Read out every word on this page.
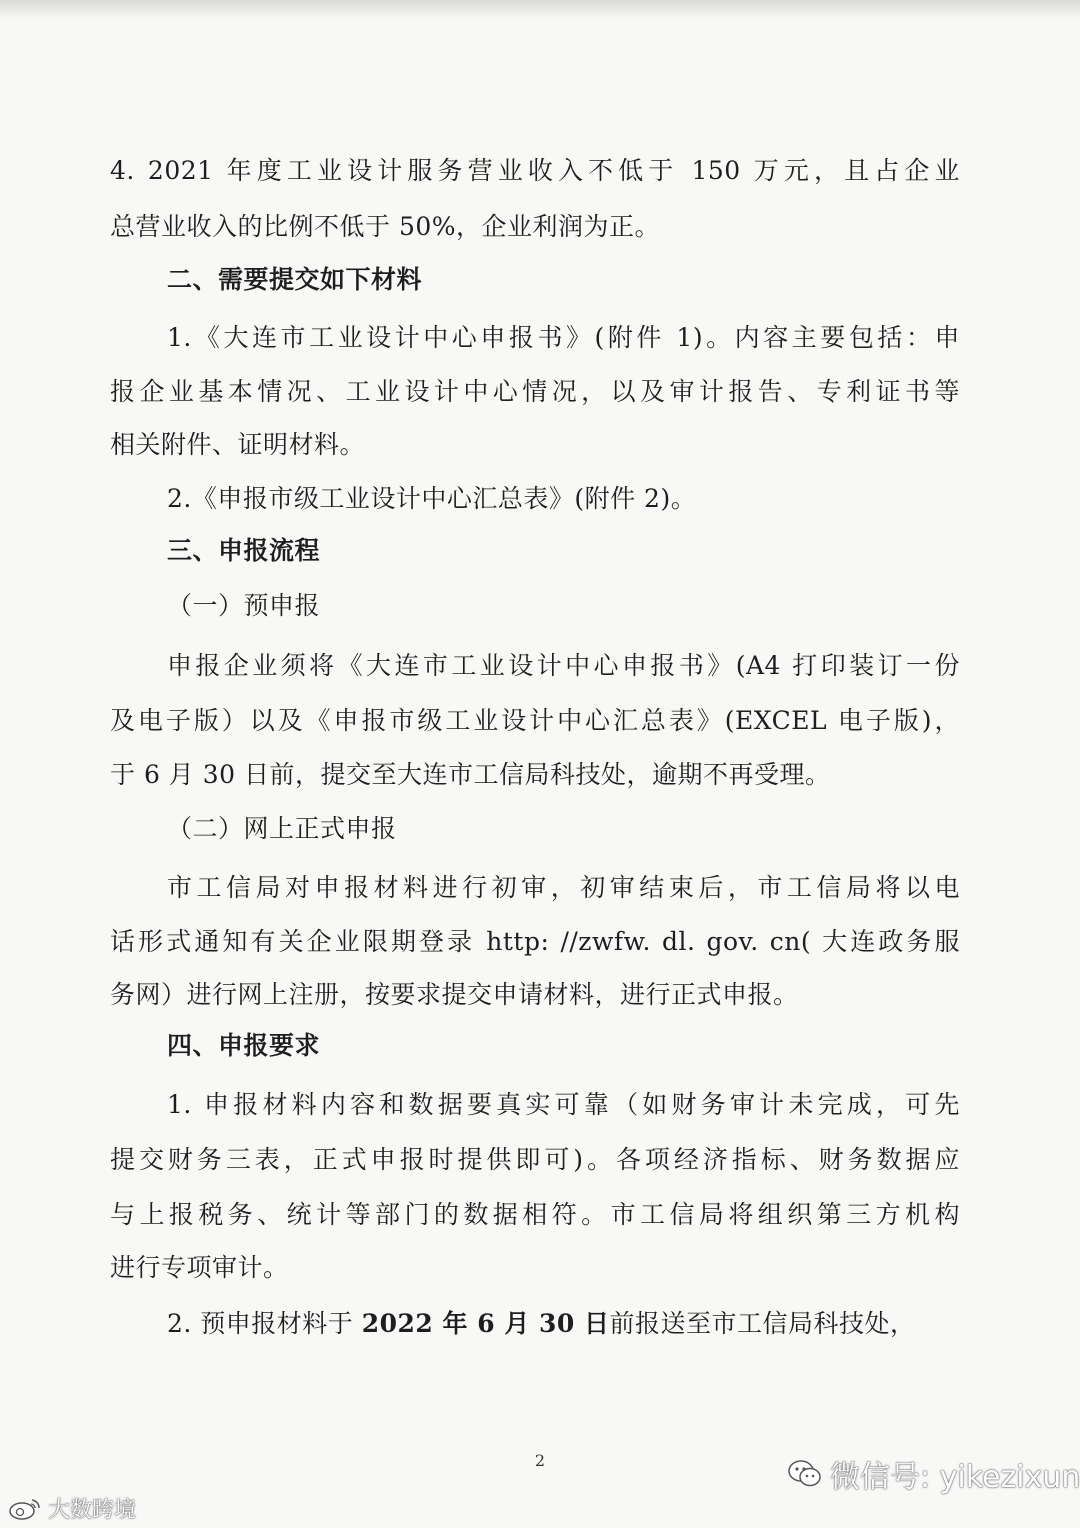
4. 2021 年度工业设计服务营业收入不低于 150 万元，且占企业
总营业收入的比例不低于 50%，企业利润为正。
二、需要提交如下材料
1.《大连市工业设计中心申报书》(附件 1)。内容主要包括：申
报企业基本情况、工业设计中心情况，以及审计报告、专利证书等
相关附件、证明材料。
2.《申报市级工业设计中心汇总表》(附件 2)。
三、申报流程
（一）预申报
申报企业须将《大连市工业设计中心申报书》(A4 打印装订一份
及电子版）以及《申报市级工业设计中心汇总表》(EXCEL 电子版)，
于 6 月 30 日前，提交至大连市工信局科技处，逾期不再受理。
（二）网上正式申报
市工信局对申报材料进行初审，初审结束后，市工信局将以电
话形式通知有关企业限期登录 http: //zwfw. dl. gov. cn( 大连政务服
务网）进行网上注册，按要求提交申请材料，进行正式申报。
四、申报要求
1. 申报材料内容和数据要真实可靠（如财务审计未完成，可先
提交财务三表，正式申报时提供即可)。各项经济指标、财务数据应
与上报税务、统计等部门的数据相符。市工信局将组织第三方机构
进行专项审计。
2. 预申报材料于 2022 年 6 月 30 日前报送至市工信局科技处，
2	微信号: yikezixun
大数跨境
